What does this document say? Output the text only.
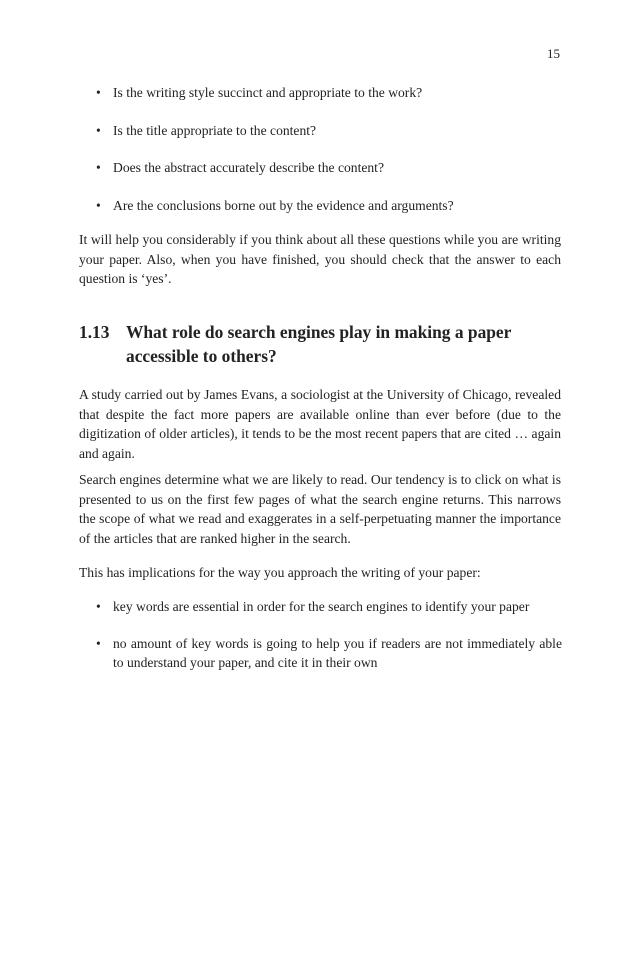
15
• Is the writing style succinct and appropriate to the work?
• Is the title appropriate to the content?
• Does the abstract accurately describe the content?
• Are the conclusions borne out by the evidence and arguments?

It will help you considerably if you think about all these questions while you are writing your paper. Also, when you have finished, you should check that the answer to each question is ‘yes’.

1.13 What role do search engines play in making a paper accessible to others?

A study carried out by James Evans, a sociologist at the University of Chicago, revealed that despite the fact more papers are available online than ever before (due to the digitization of older articles), it tends to be the most recent papers that are cited … again and again.

Search engines determine what we are likely to read. Our tendency is to click on what is presented to us on the first few pages of what the search engine returns. This narrows the scope of what we read and exaggerates in a self-perpetuating manner the importance of the articles that are ranked higher in the search.

This has implications for the way you approach the writing of your paper:

• key words are essential in order for the search engines to identify your paper
• no amount of key words is going to help you if readers are not immediately able to understand your paper, and cite it in their own
